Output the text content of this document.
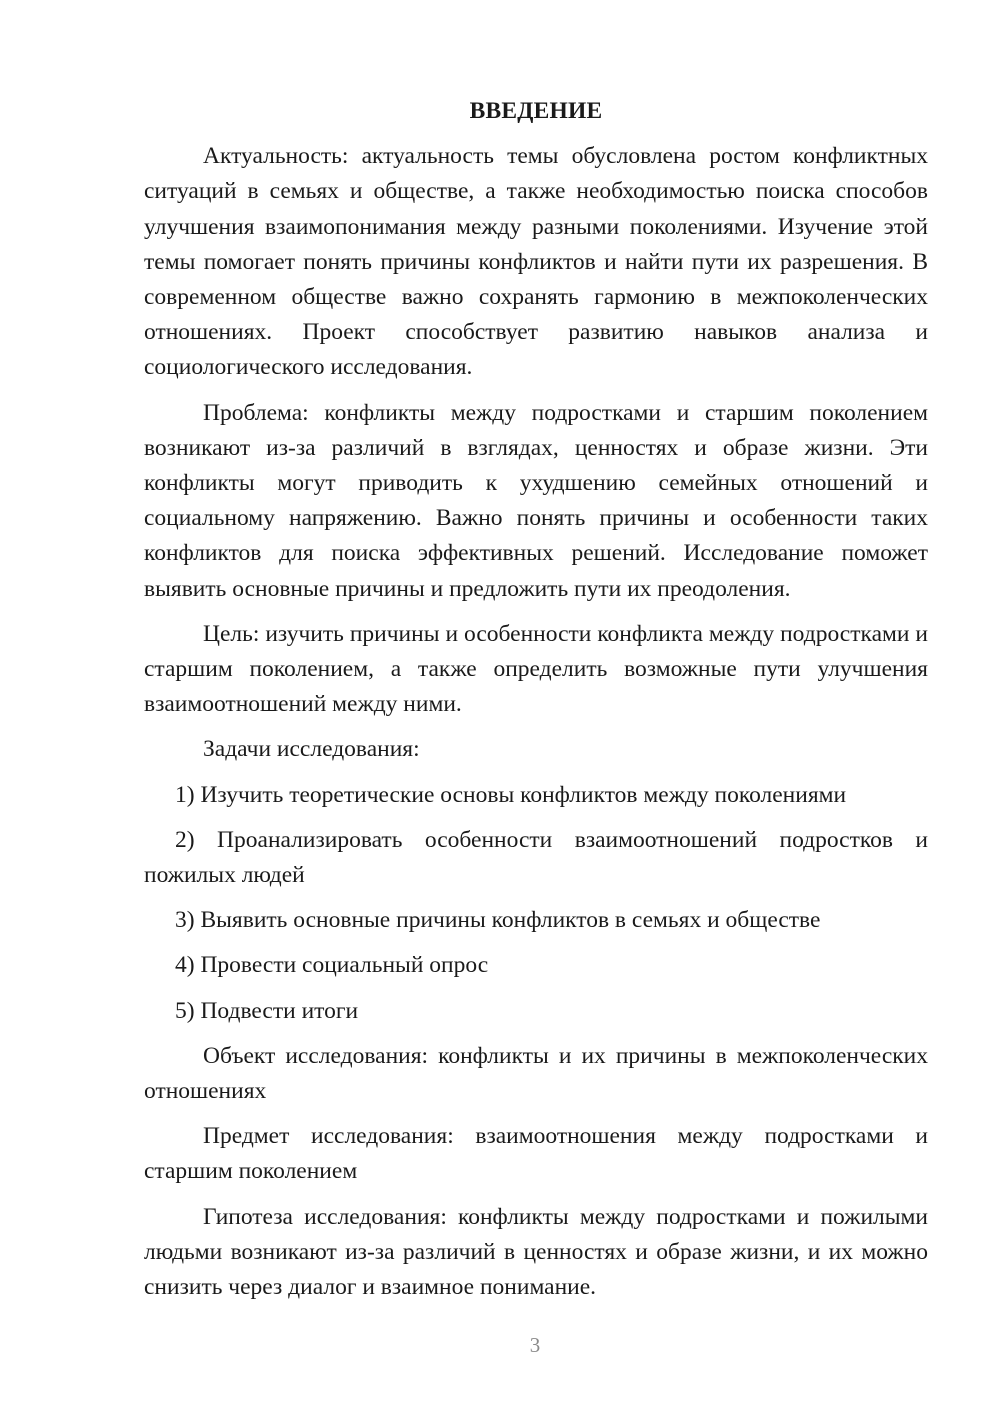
ВВЕДЕНИЕ

Актуальность: актуальность темы обусловлена ростом конфликтных ситуаций в семьях и обществе, а также необходимостью поиска способов улучшения взаимопонимания между разными поколениями. Изучение этой темы помогает понять причины конфликтов и найти пути их разрешения. В современном обществе важно сохранять гармонию в межпоколенческих отношениях. Проект способствует развитию навыков анализа и социологического исследования.

Проблема: конфликты между подростками и старшим поколением возникают из-за различий в взглядах, ценностях и образе жизни. Эти конфликты могут приводить к ухудшению семейных отношений и социальному напряжению. Важно понять причины и особенности таких конфликтов для поиска эффективных решений. Исследование поможет выявить основные причины и предложить пути их преодоления.

Цель: изучить причины и особенности конфликта между подростками и старшим поколением, а также определить возможные пути улучшения взаимоотношений между ними.

Задачи исследования:

1) Изучить теоретические основы конфликтов между поколениями

2) Проанализировать особенности взаимоотношений подростков и пожилых людей

3) Выявить основные причины конфликтов в семьях и обществе

4) Провести социальный опрос

5) Подвести итоги

Объект исследования: конфликты и их причины в межпоколенческих отношениях

Предмет исследования: взаимоотношения между подростками и старшим поколением

Гипотеза исследования: конфликты между подростками и пожилыми людьми возникают из-за различий в ценностях и образе жизни, и их можно снизить через диалог и взаимное понимание.

3
